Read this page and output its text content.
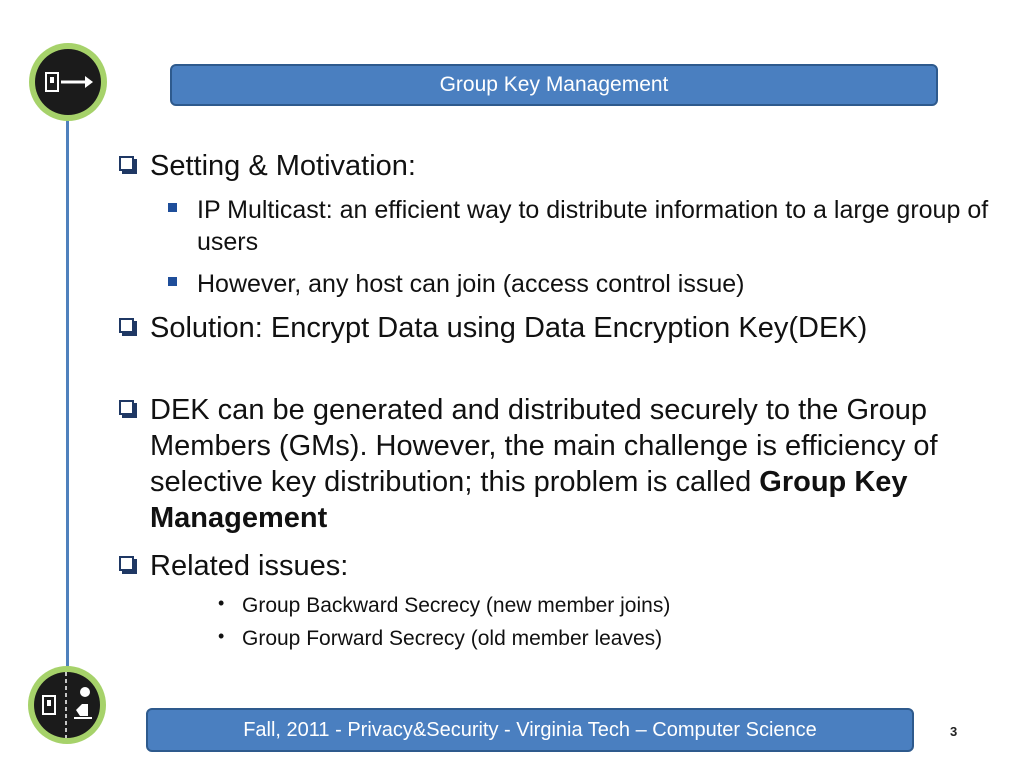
Group Key Management
Setting & Motivation:
IP Multicast: an efficient way to distribute information to a large group of users
However, any host can join (access control issue)
Solution: Encrypt Data using Data Encryption Key(DEK)
DEK can be generated and distributed securely to the Group Members (GMs). However, the main challenge is efficiency of selective key distribution; this problem is called Group Key Management
Related issues:
• Group Backward Secrecy (new member joins)
• Group Forward Secrecy (old member leaves)
Fall, 2011 - Privacy&Security - Virginia Tech – Computer Science	3
